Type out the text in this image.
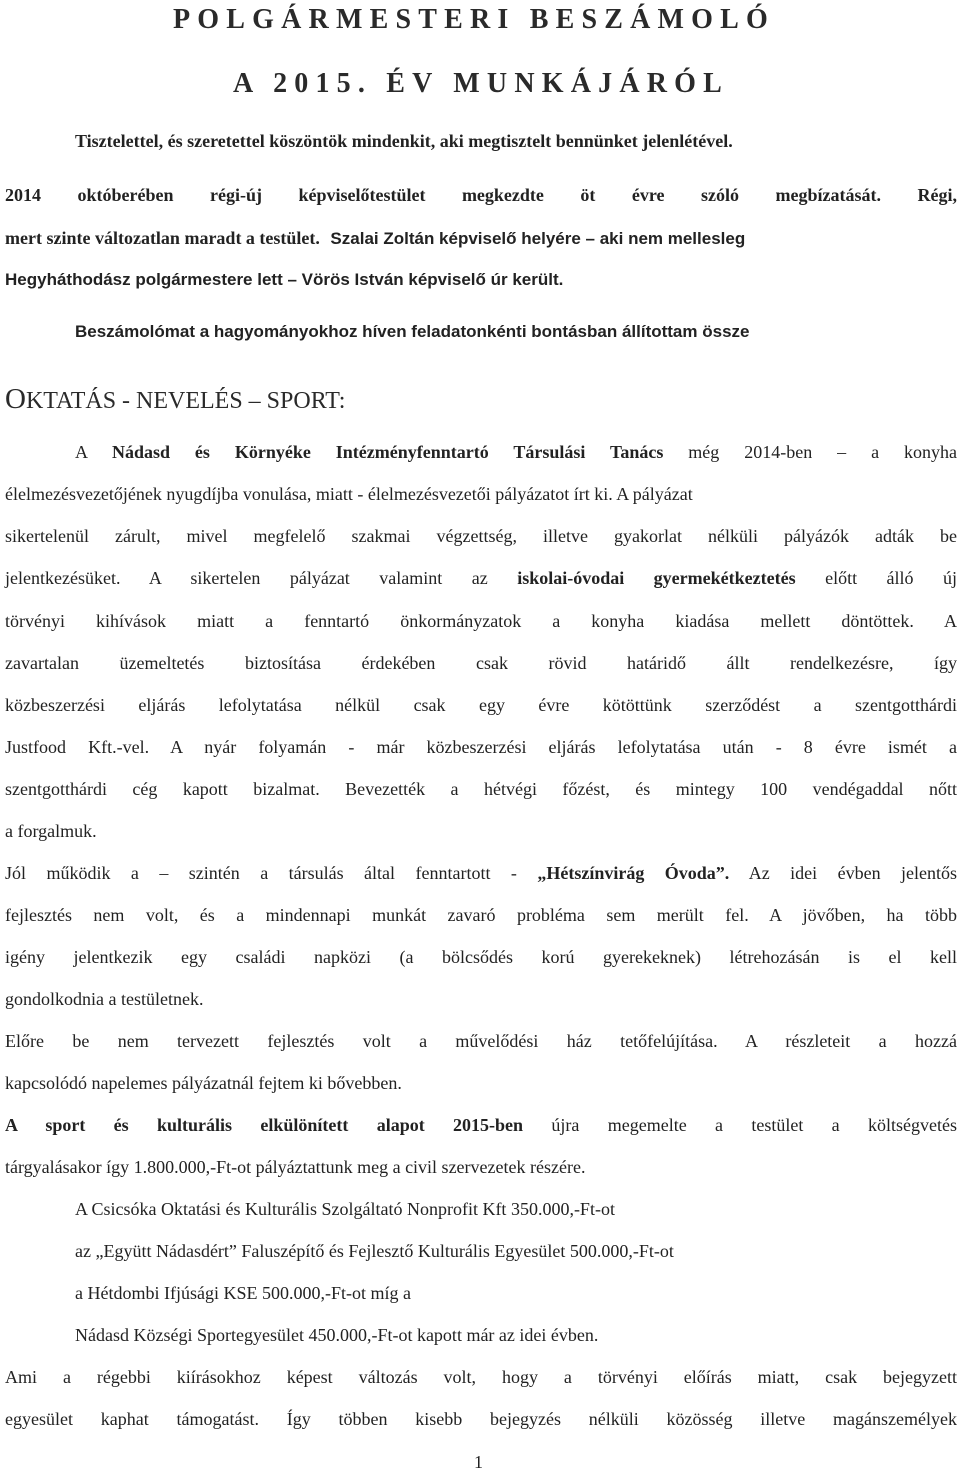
POLGÁRMESTERI BESZÁMOLÓ
A 2015. ÉV MUNKÁJÁRÓL
Tisztelettel, és szeretettel köszöntök mindenkit, aki megtisztelt bennünket jelenlétével.
2014 októberében régi-új képviselőtestület megkezdte öt évre szóló megbízatását. Régi,
mert szinte változatlan maradt a testület. Szalai Zoltán képviselő helyére – aki nem mellesleg
Hegyháthodász polgármestere lett – Vörös István képviselő úr került.
Beszámolómat a hagyományokhoz híven feladatonkénti bontásban állítottam össze
OKTATÁS - NEVELÉS – SPORT:
A Nádasd és Környéke Intézményfenntartó Társulási Tanács még 2014-ben – a konyha
élelmezésvezetőjének nyugdíjba vonulása, miatt - élelmezésvezetői pályázatot írt ki. A pályázat
sikertelenül zárult, mivel megfelelő szakmai végzettség, illetve gyakorlat nélküli pályázók adták be
jelentkezésüket. A sikertelen pályázat valamint az iskolai-óvodai gyermekétkeztetés előtt álló új
törvényi kihívások miatt a fenntartó önkormányzatok a konyha kiadása mellett döntöttek. A
zavartalan üzemeltetés biztosítása érdekében csak rövid határidő állt rendelkezésre, így
közbeszerzési eljárás lefolytatása nélkül csak egy évre kötöttünk szerződést a szentgotthárdi
Justfood Kft.-vel. A nyár folyamán - már közbeszerzési eljárás lefolytatása után - 8 évre ismét a
szentgotthárdi cég kapott bizalmat. Bevezették a hétvégi főzést, és mintegy 100 vendégaddal nőtt
a forgalmuk.
Jól működik a – szintén a társulás által fenntartott - „Hétszínvirág Óvoda”. Az idei évben jelentős
fejlesztés nem volt, és a mindennapi munkát zavaró probléma sem merült fel. A jövőben, ha több
igény jelentkezik egy családi napközi (a bölcsődés korú gyerekeknek) létrehozásán is el kell
gondolkodnia a testületnek.
Előre be nem tervezett fejlesztés volt a művelődési ház tetőfelújítása. A részleteit a hozzá
kapcsolódó napelemes pályázatnál fejtem ki bővebben.
A sport és kulturális elkülönített alapot 2015-ben újra megemelte a testület a költségvetés
tárgyalásakor így 1.800.000,-Ft-ot pályáztattunk meg a civil szervezetek részére.
A Csicsóka Oktatási és Kulturális Szolgáltató Nonprofit Kft 350.000,-Ft-ot
az „Együtt Nádasdért” Faluszépítő és Fejlesztő Kulturális Egyesület 500.000,-Ft-ot
a Hétdombi Ifjúsági KSE 500.000,-Ft-ot míg a
Nádasd Községi Sportegyesület 450.000,-Ft-ot kapott már az idei évben.
Ami a régebbi kiírásokhoz képest változás volt, hogy a törvényi előírás miatt, csak bejegyzett
egyesület kaphat támogatást. Így többen kisebb bejegyzés nélküli közösség illetve magánszemélyek
1
